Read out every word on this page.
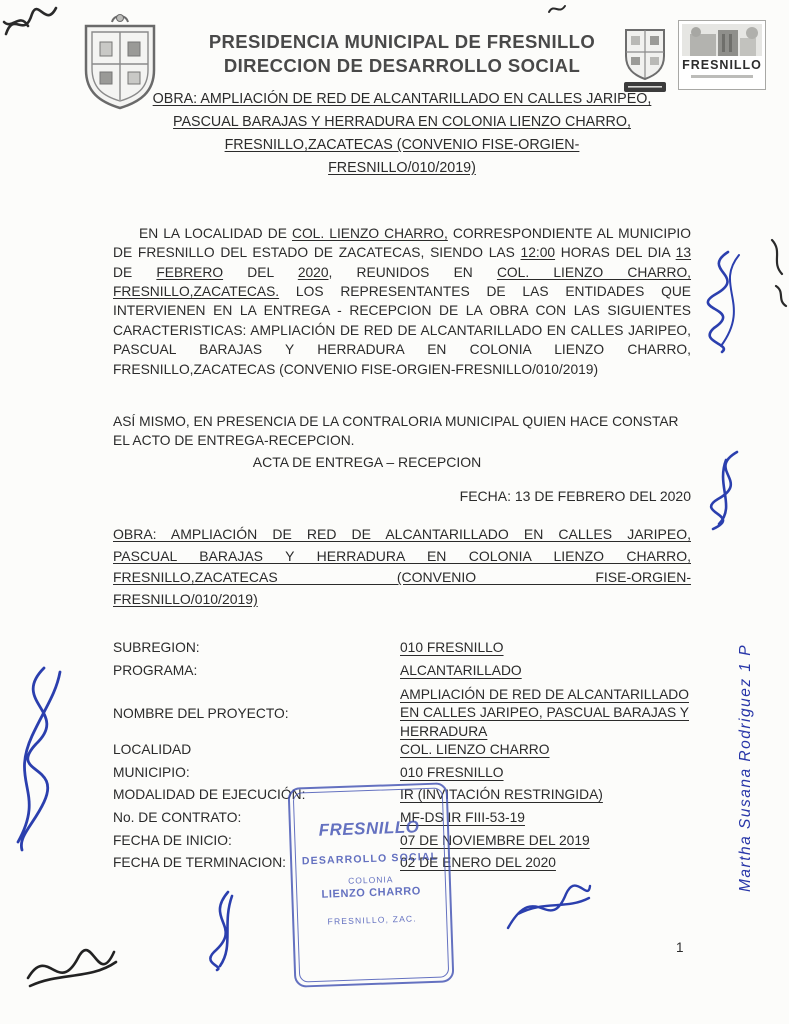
PRESIDENCIA MUNICIPAL DE FRESNILLO
DIRECCION DE DESARROLLO SOCIAL	FRESNILLO
OBRA: AMPLIACIÓN DE RED DE ALCANTARILLADO EN CALLES JARIPEO,
PASCUAL BARAJAS Y HERRADURA EN COLONIA LIENZO CHARRO,
FRESNILLO,ZACATECAS (CONVENIO FISE-ORGIEN-
FRESNILLO/010/2019)

EN LA LOCALIDAD DE COL. LIENZO CHARRO, CORRESPONDIENTE AL MUNICIPIO DE FRESNILLO DEL ESTADO DE ZACATECAS, SIENDO LAS 12:00 HORAS DEL DIA 13 DE FEBRERO DEL 2020, REUNIDOS EN COL. LIENZO CHARRO, FRESNILLO,ZACATECAS. LOS REPRESENTANTES DE LAS ENTIDADES QUE INTERVIENEN EN LA ENTREGA - RECEPCION DE LA OBRA CON LAS SIGUIENTES CARACTERISTICAS: AMPLIACIÓN DE RED DE ALCANTARILLADO EN CALLES JARIPEO, PASCUAL BARAJAS Y HERRADURA EN COLONIA LIENZO CHARRO, FRESNILLO,ZACATECAS (CONVENIO FISE-ORGIEN-FRESNILLO/010/2019)

ASÍ MISMO, EN PRESENCIA DE LA CONTRALORIA MUNICIPAL QUIEN HACE CONSTAR EL ACTO DE ENTREGA-RECEPCION.

ACTA DE ENTREGA – RECEPCION
FECHA: 13 DE FEBRERO DEL 2020
OBRA: AMPLIACIÓN DE RED DE ALCANTARILLADO EN CALLES JARIPEO,
PASCUAL BARAJAS Y HERRADURA EN COLONIA LIENZO CHARRO,
FRESNILLO,ZACATECAS (CONVENIO FISE-ORGIEN-
FRESNILLO/010/2019)
SUBREGION:	010 FRESNILLO
PROGRAMA:	ALCANTARILLADO
NOMBRE DEL PROYECTO:
AMPLIACIÓN DE RED DE ALCANTARILLADO EN CALLES JARIPEO, PASCUAL BARAJAS Y HERRADURA
LOCALIDAD	COL. LIENZO CHARRO
MUNICIPIO:	010 FRESNILLO
MODALIDAD DE EJECUCIÓN:	IR (INVITACIÓN RESTRINGIDA)
No. DE CONTRATO:	MF-DS IR FIII-53-19
FECHA DE INICIO:	07 DE NOVIEMBRE DEL 2019
FECHA DE TERMINACION:	02 DE ENERO DEL 2020
FRESNILLO
DESARROLLO SOCIAL
COLONIA
LIENZO CHARRO
FRESNILLO, ZAC.
Martha Susana Rodriguez 1 P
1
